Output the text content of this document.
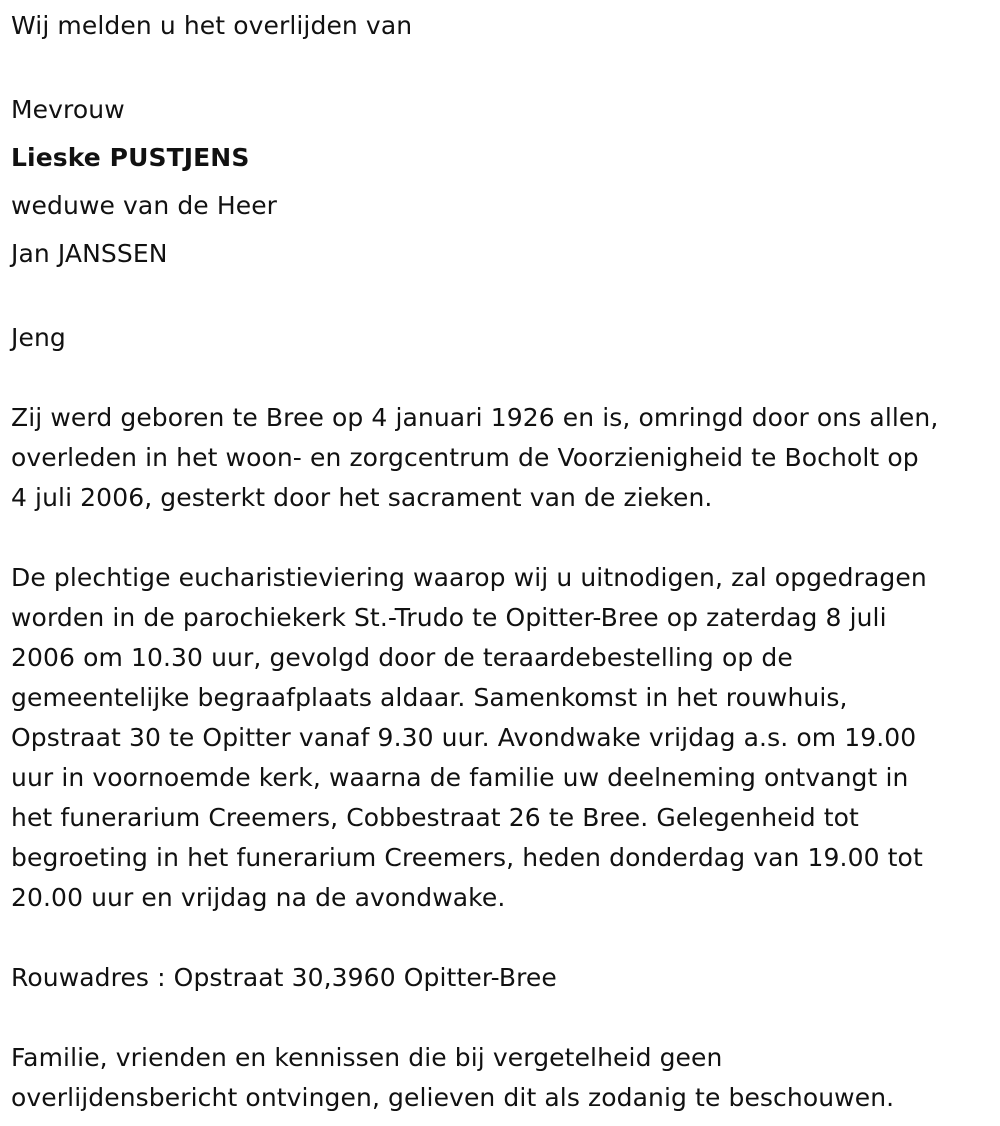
Wij melden u het overlijden van
Mevrouw
Lieske PUSTJENS
weduwe van de Heer
Jan JANSSEN
Jeng
Zij werd geboren te Bree op 4 januari 1926 en is, omringd door ons allen,
overleden in het woon- en zorgcentrum de Voorzienigheid te Bocholt op
4 juli 2006, gesterkt door het sacrament van de zieken.
De plechtige eucharistieviering waarop wij u uitnodigen, zal opgedragen
worden in de parochiekerk St.-Trudo te Opitter-Bree op zaterdag 8 juli
2006 om 10.30 uur, gevolgd door de teraardebestelling op de
gemeentelijke begraafplaats aldaar. Samenkomst in het rouwhuis,
Opstraat 30 te Opitter vanaf 9.30 uur. Avondwake vrijdag a.s. om 19.00
uur in voornoemde kerk, waarna de familie uw deelneming ontvangt in
het funerarium Creemers, Cobbestraat 26 te Bree. Gelegenheid tot
begroeting in het funerarium Creemers, heden donderdag van 19.00 tot
20.00 uur en vrijdag na de avondwake.
Rouwadres : Opstraat 30,3960 Opitter-Bree
Familie, vrienden en kennissen die bij vergetelheid geen
overlijdensbericht ontvingen, gelieven dit als zodanig te beschouwen.
